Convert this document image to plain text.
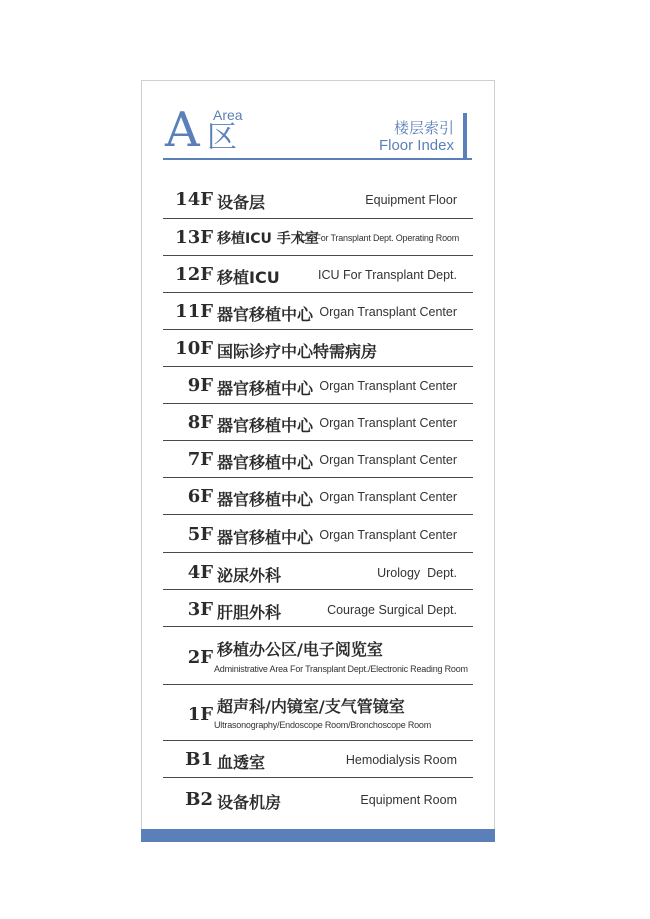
A Area
区	楼层索引
Floor Index
14F 设备层	Equipment Floor
13F 移植ICU 手术室
ICU For Transplant Dept. Operating Room
12F 移植ICU	ICU For Transplant Dept.
11F 器官移植中心 Organ Transplant Center
10F 国际诊疗中心特需病房
9F 器官移植中心 Organ Transplant Center
8F 器官移植中心 Organ Transplant Center
7F 器官移植中心 Organ Transplant Center
6F 器官移植中心 Organ Transplant Center
5F 器官移植中心 Organ Transplant Center
4F 泌尿外科	Urology  Dept.
3F 肝胆外科	Courage Surgical Dept.
2F 移植办公区/电子阅览室
Administrative Area For Transplant Dept./Electronic Reading Room
1F 超声科/内镜室/支气管镜室
Ultrasonography/Endoscope Room/Bronchoscope Room
B1 血透室	Hemodialysis Room
B2 设备机房	Equipment Room
